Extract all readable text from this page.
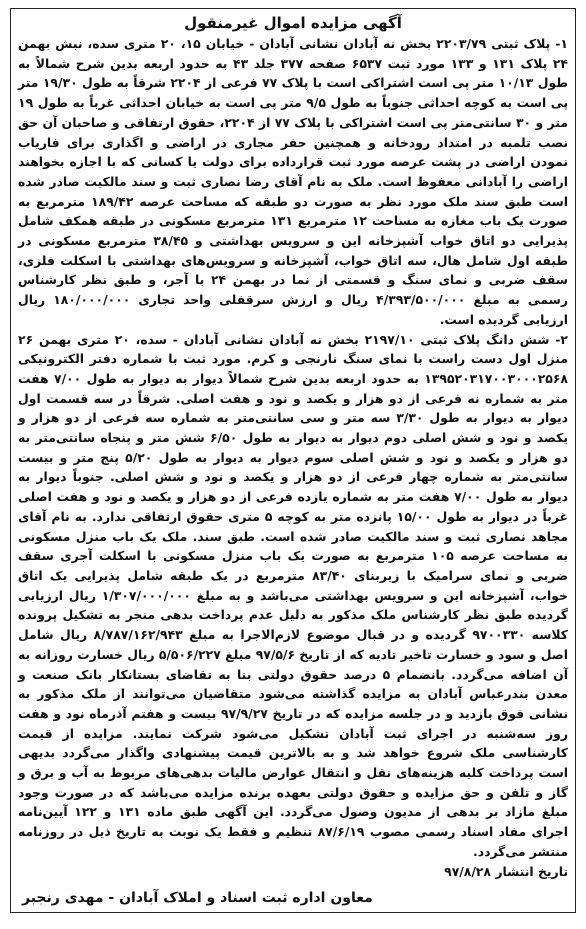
آگهی مزایده اموال غیرمنقول

۱- پلاک ثبتی ۲۲۰۳/۷۹ بخش نه آبادان نشانی آبادان - خیابان ۱۵، ۲۰ متری سده، نبش بهمن ۲۴ پلاک ۱۳۱ و ۱۳۳ مورد ثبت ۶۵۳۷ صفحه ۳۷۷ جلد ۴۳ به حدود اربعه بدین شرح شمالاً به طول ۱۰/۱۳ متر پی است اشتراکی است با پلاک ۷۷ فرعی از ۲۲۰۴ شرقاً به طول ۱۹/۳۰ متر پی است به کوچه احداثی جنوباً به طول ۹/۵ متر پی است به خیابان احداثی غرباً به طول ۱۹ متر و ۳۰ سانتی‌متر پی است اشتراکی با پلاک ۷۷ از ۲۲۰۴، حقوق ارتفاقی و صاحبان آن حق نصب تلمبه در امتداد رودخانه و همچنین حفر مجاری در اراضی و اگذاری برای فاریاب نمودن اراضی در پشت عرصه مورد ثبت قرارداده برای دولت یا کسانی که با اجازه بخواهند اراضی را آبادانی معفوظ است. ملک به نام آقای رضا نصاری ثبت و سند مالکیت صادر شده است طبق سند ملک مورد نظر به صورت دو طبقه که مساحت عرصه ۱۸۹/۴۲ مترمربع به صورت یک باب مغازه به مساحت ۱۲ مترمربع ۱۳۱ مترمربع مسکونی در طبقه همکف شامل پذیرایی دو اتاق خواب آشپزخانه این و سرویس بهداشتی و ۳۸/۴۵ مترمربع مسکونی در طبقه اول شامل هال، سه اتاق خواب، آشپزخانه و سرویس‌های بهداشتی با اسکلت فلزی، سقف ضربی و نمای سنگ و قسمتی از نما در بهمن ۲۴ با آجر، و طبق نظر کارشناس رسمی به مبلغ ۴/۳۹۳/۵۰۰/۰۰۰ ریال و ارزش سرقفلی واحد تجاری ۱۸۰/۰۰۰/۰۰۰ ریال ارزیابی گردیده است.

۲- شش دانگ پلاک ثبتی ۲۱۹۷/۱۰ بخش نه آبادان نشانی آبادان - سده، ۲۰ متری بهمن ۲۶ منزل اول دست راست با نمای سنگ نارنجی و کرم. مورد ثبت با شماره دفتر الکترونیکی ۱۳۹۵۲۰۳۱۷۰۰۳۰۰۰۲۵۶۸ به حدود اربعه بدین شرح شمالاً دیوار به دیوار به طول ۷/۰۰ هفت متر به شماره نه فرعی از دو هزار و یکصد و نود و هفت اصلی. شرقاً در سه قسمت اول دیوار به دیوار به طول ۳/۳۰ سه متر و سی سانتی‌متر به شماره سه فرعی از دو هزار و یکصد و نود و شش اصلی دوم دیوار به دیوار به طول ۶/۵۰ شش متر و پنجاه سانتی‌متر به دو هزار و یکصد و نود و شش اصلی سوم دیوار به دیوار به طول ۵/۲۰ پنج متر و بیست سانتی‌متر به شماره چهار فرعی از دو هزار و یکصد و نود و شش اصلی. جنوباً دیوار به دیوار به طول ۷/۰۰ هفت متر به شماره یازده فرعی از دو هزار و یکصد و نود و هفت اصلی غرباً در دیوار به طول ۱۵/۰۰ پانزده متر به کوچه ۵ متری حقوق ارتفاقی ندارد. به نام آقای مجاهد نصاری ثبت و سند مالکیت صادر شده است. طبق سند. ملک یک باب منزل مسکونی به مساحت عرصه ۱۰۵ مترمربع به صورت یک باب منزل مسکونی با اسکلت آجری سقف ضربی و نمای سرامیک با زیربنای ۸۳/۴۰ مترمربع در یک طبقه شامل پذیرایی یک اتاق خواب، آشپزخانه این و سرویس بهداشتی می‌باشد و به مبلغ ۱/۳۰۷/۰۰۰/۰۰۰ ریال ارزیابی گردیده طبق نظر کارشناس ملک مذکور به دلیل عدم پرداخت بدهی منجر به تشکیل پرونده کلاسه ۹۷۰۰۳۳۰ گردیده و در قبال موضوع لازم‌الاجرا به مبلغ ۸/۷۸۷/۱۶۲/۹۴۳ ریال شامل اصل و سود و خسارت تاخیر تادیه که از تاریخ ۹۷/۵/۶ مبلغ ۵/۵۰۶/۲۲۷ ریال خسارت روزانه به آن اضافه می‌گردد. بانضمام ۵ درصد حقوق دولتی بنا به تقاضای بستانکار بانک صنعت و معدن بندرعباس آبادان به مزایده گذاشته می‌شود متقاضیان می‌توانند از ملک مذکور به نشانی فوق بازدید و در جلسه مزایده که در تاریخ ۹۷/۹/۲۷ بیست و هفتم آذرماه نود و هفت روز سه‌شنبه در اجرای ثبت آبادان تشکیل می‌شود شرکت نمایند. مزایده از قیمت کارشناسی ملک شروع خواهد شد و به بالاترین قیمت پیشنهادی واگذار می‌گردد بدیهی است پرداخت کلیه هزینه‌های نقل و انتقال عوارض مالیات بدهی‌های مربوط به آب و برق و گاز و تلفن و حق مزایده و حقوق دولتی بعهده برنده مزایده می‌باشد که در صورت وجود مبلغ مازاد بر بدهی از مدیون وصول می‌گردد. این آگهی طبق ماده ۱۳۱ و ۱۲۲ آیین‌نامه اجرای مفاد اسناد رسمی مصوب ۸۷/۶/۱۹ تنظیم و فقط یک نوبت به تاریخ ذیل در روزنامه منتشر می‌گردد.

تاریخ انتشار ۹۷/۸/۲۸

معاون اداره ثبت اسناد و املاک آبادان - مهدی رنجبر
